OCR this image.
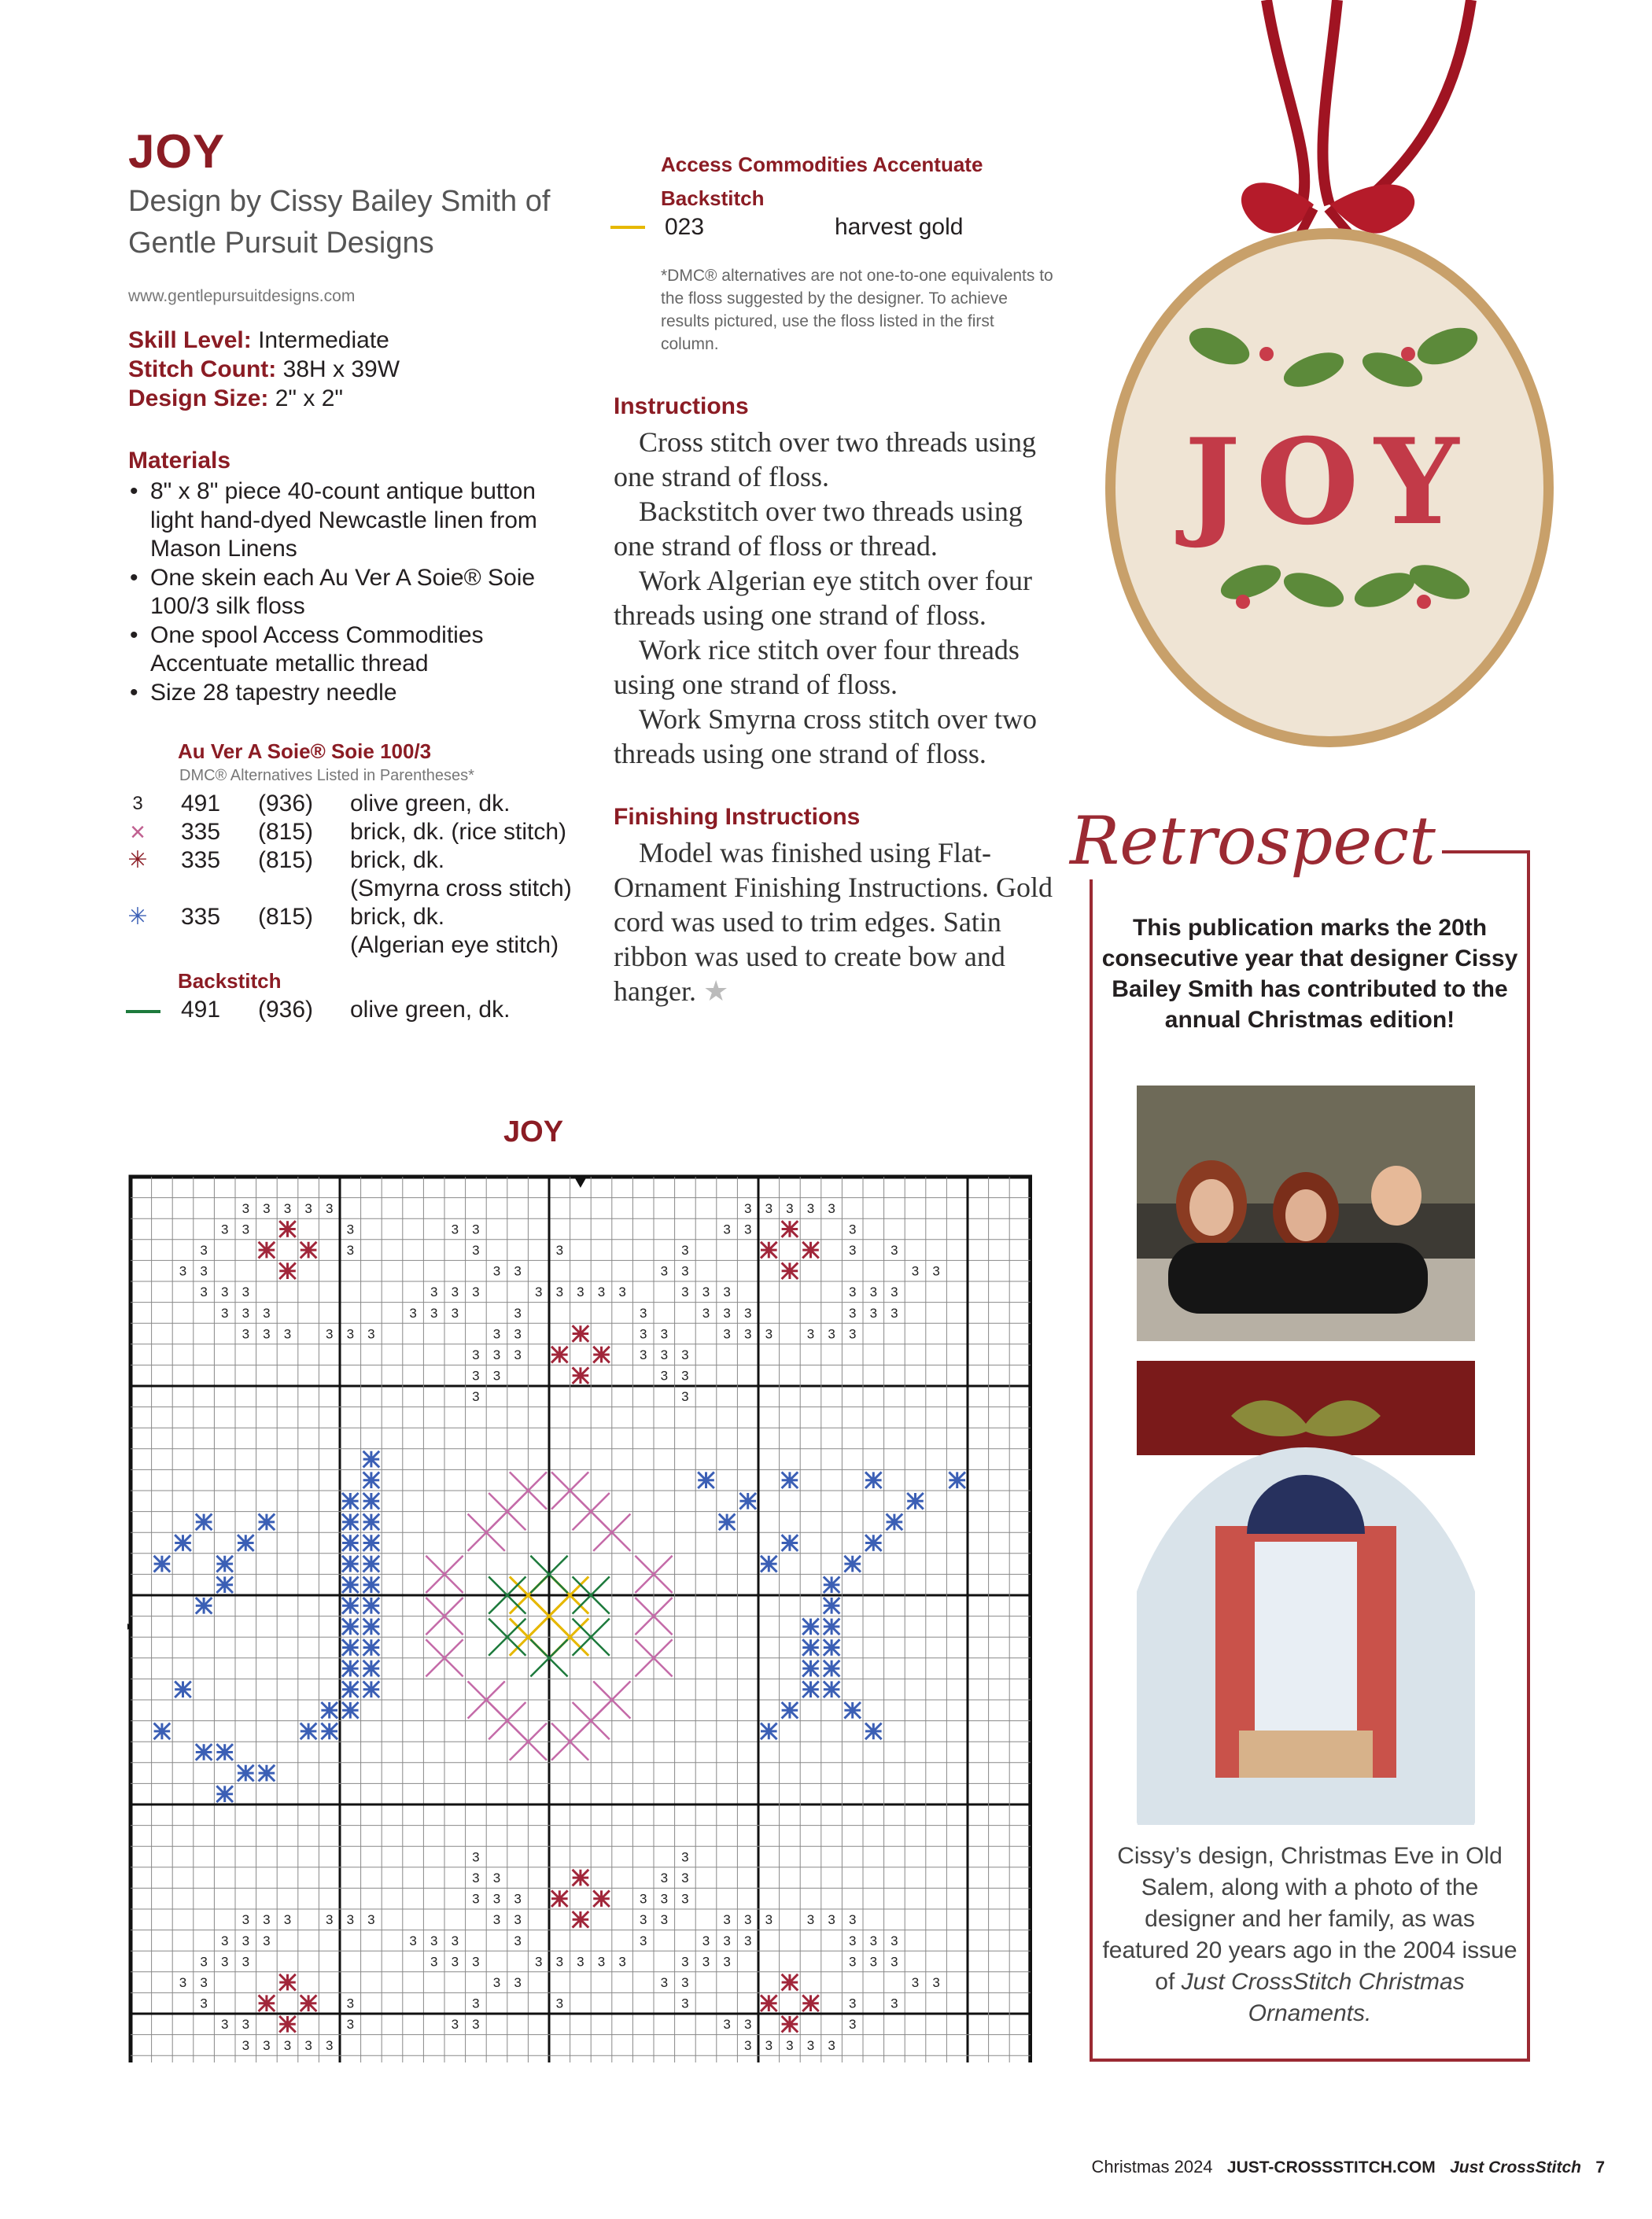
JOY
Design by Cissy Bailey Smith of Gentle Pursuit Designs
www.gentlepursuitdesigns.com
Skill Level: Intermediate
Stitch Count: 38H x 39W
Design Size: 2" x 2"
Materials
• 8" x 8" piece 40-count antique button light hand-dyed Newcastle linen from Mason Linens
• One skein each Au Ver A Soie® Soie 100/3 silk floss
• One spool Access Commodities Accentuate metallic thread
• Size 28 tapestry needle
Au Ver A Soie® Soie 100/3
DMC® Alternatives Listed in Parentheses*
3 491 (936) olive green, dk.
× 335 (815) brick, dk. (rice stitch)
✳ 335 (815) brick, dk.
(Smyrna cross stitch)
✳ 335 (815) brick, dk.
(Algerian eye stitch)
Backstitch
491 (936) olive green, dk.
Access Commodities Accentuate
Backstitch
023	harvest gold
*DMC® alternatives are not one-to-one equivalents to the floss suggested by the designer. To achieve results pictured, use the floss listed in the first column.
Instructions

Cross stitch over two threads using one strand of floss.

Backstitch over two threads using one strand of floss or thread.

Work Algerian eye stitch over four threads using one strand of floss.

Work rice stitch over four threads using one strand of floss.

Work Smyrna cross stitch over two threads using one strand of floss.

Finishing Instructions

Model was finished using Flat-Ornament Finishing Instructions. Gold cord was used to trim edges. Satin ribbon was used to create bow and hanger. ★

JOY
Retrospect
This publication marks the 20th consecutive year that designer Cissy Bailey Smith has contributed to the annual Christmas edition!
Cissy’s design, Christmas Eve in Old Salem, along with a photo of the designer and her family, as was featured 20 years ago in the 2004 issue of Just CrossStitch Christmas Ornaments.
JOY
3
3
3
3
3
3
3
3
3
3
3
3
3
3
3
3
3
3
3
3
3
3
3
3
3
3
3
3
3
3
3
3
3
3
3
3
3
3
3
3
3
3
3
3
3
3
3
3
3
3
3
3
3
3
3
3
3
3
3
3
3
3
3
3
3
3
3
3
3
3
3
3
3
3
3
3
3
3
3
3
3
3
3
3
3
3
3
3
3
3
3
3
3
3
3
3
3
3
3
3
3
3
3
3
3
3
3
3
3
3
3
3
3
3
3
3
3
3
3
3
3
3
3
3
3
3
3
3
3
3
3
3
3
3
3
3
3
3
3
3
3
3
3
3
3
3
3
3
3
3
3
3
3
3
3
3
3
3
3
3
3
3
3
3
3
3
3
3
3
3
3
3
3
3
3
3
3
3
3
3
3
3
3
3
Christmas 2024 JUST-CROSSSTITCH.COM Just CrossStitch 7
